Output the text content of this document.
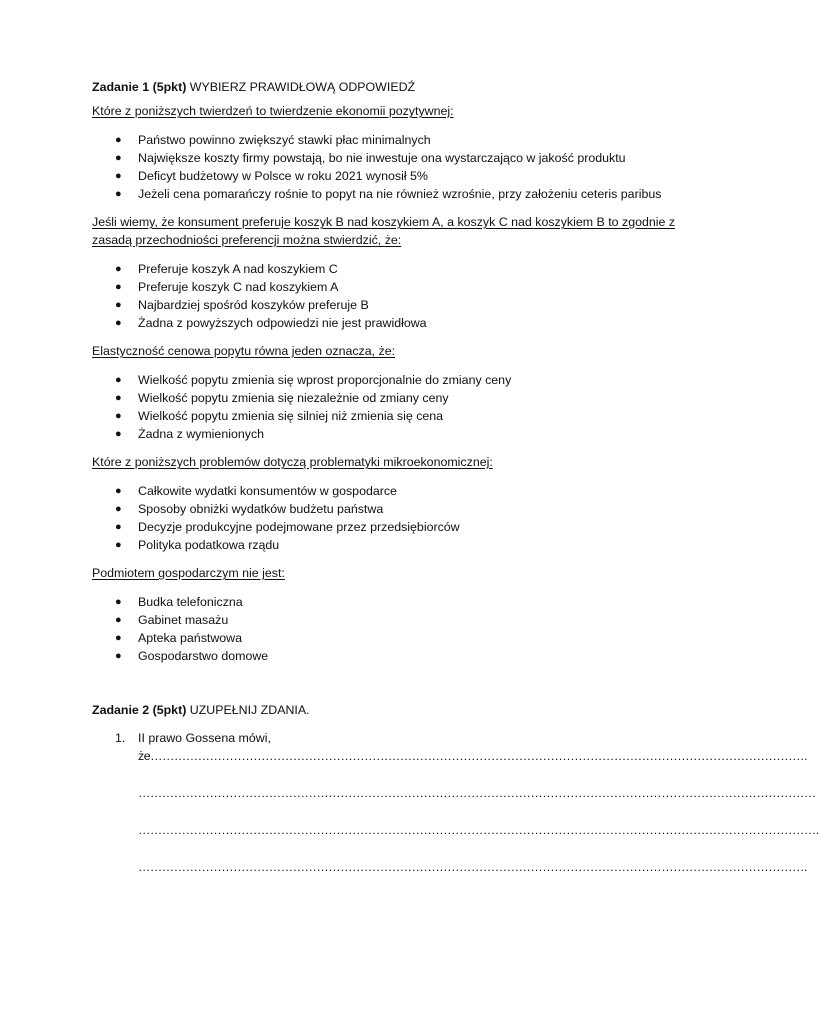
Zadanie 1 (5pkt) WYBIERZ PRAWIDŁOWĄ ODPOWIEDŹ

Które z poniższych twierdzeń to twierdzenie ekonomii pozytywnej:

● Państwo powinno zwiększyć stawki płac minimalnych
● Największe koszty firmy powstają, bo nie inwestuje ona wystarczająco w jakość produktu
● Deficyt budżetowy w Polsce w roku 2021 wynosił 5%
● Jeżeli cena pomarańczy rośnie to popyt na nie również wzrośnie, przy założeniu ceteris paribus

Jeśli wiemy, że konsument preferuje koszyk B nad koszykiem A, a koszyk C nad koszykiem B to zgodnie z zasadą przechodniości preferencji można stwierdzić, że:

● Preferuje koszyk A nad koszykiem C
● Preferuje koszyk C nad koszykiem A
● Najbardziej spośród koszyków preferuje B
● Żadna z powyższych odpowiedzi nie jest prawidłowa

Elastyczność cenowa popytu równa jeden oznacza, że:

● Wielkość popytu zmienia się wprost proporcjonalnie do zmiany ceny
● Wielkość popytu zmienia się niezależnie od zmiany ceny
● Wielkość popytu zmienia się silniej niż zmienia się cena
● Żadna z wymienionych

Które z poniższych problemów dotyczą problematyki mikroekonomicznej:

● Całkowite wydatki konsumentów w gospodarce
● Sposoby obniżki wydatków budżetu państwa
● Decyzje produkcyjne podejmowane przez przedsiębiorców
● Polityka podatkowa rządu

Podmiotem gospodarczym nie jest:

● Budka telefoniczna
● Gabinet masażu
● Apteka państwowa
● Gospodarstwo domowe

Zadanie 2 (5pkt) UZUPEŁNIJ ZDANIA.

1. II prawo Gossena mówi,
że………………………………………………………………………………………………………………………………………………….
………………………………………………………………………………………………………………………………………………………
……………………………………………………………………………………………………………………………………………………….
…………………………………………………………………………………………………………………………………………………….
